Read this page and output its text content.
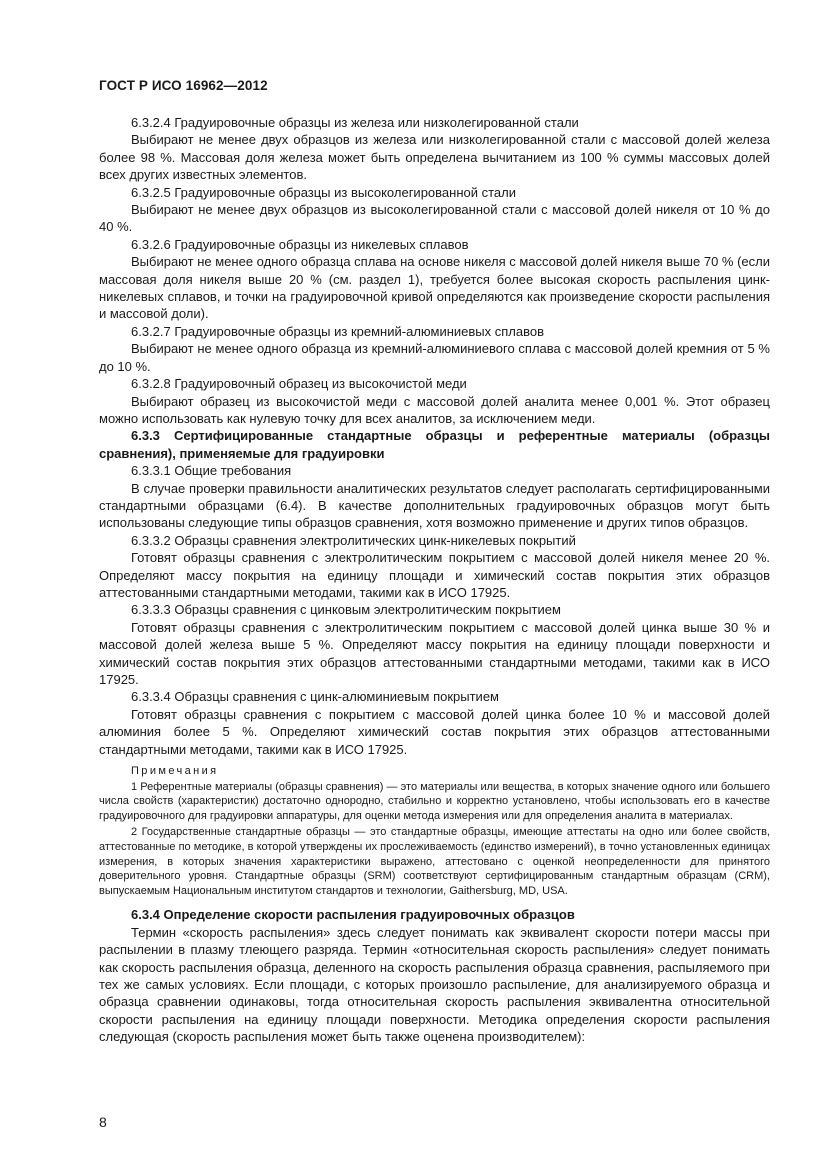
ГОСТ Р ИСО 16962—2012

6.3.2.4 Градуировочные образцы из железа или низколегированной стали

Выбирают не менее двух образцов из железа или низколегированной стали с массовой долей железа более 98 %. Массовая доля железа может быть определена вычитанием из 100 % суммы массовых долей всех других известных элементов.

6.3.2.5 Градуировочные образцы из высоколегированной стали

Выбирают не менее двух образцов из высоколегированной стали с массовой долей никеля от 10 % до 40 %.

6.3.2.6 Градуировочные образцы из никелевых сплавов

Выбирают не менее одного образца сплава на основе никеля с массовой долей никеля выше 70 % (если массовая доля никеля выше 20 % (см. раздел 1), требуется более высокая скорость распыления цинк-никелевых сплавов, и точки на градуировочной кривой определяются как произведение скорости распыления и массовой доли).

6.3.2.7 Градуировочные образцы из кремний-алюминиевых сплавов

Выбирают не менее одного образца из кремний-алюминиевого сплава с массовой долей кремния от 5 % до 10 %.

6.3.2.8 Градуировочный образец из высокочистой меди

Выбирают образец из высокочистой меди с массовой долей аналита менее 0,001 %. Этот образец можно использовать как нулевую точку для всех аналитов, за исключением меди.

6.3.3 Сертифицированные стандартные образцы и референтные материалы (образцы сравнения), применяемые для градуировки

6.3.3.1 Общие требования

В случае проверки правильности аналитических результатов следует располагать сертифицированными стандартными образцами (6.4). В качестве дополнительных градуировочных образцов могут быть использованы следующие типы образцов сравнения, хотя возможно применение и других типов образцов.

6.3.3.2 Образцы сравнения электролитических цинк-никелевых покрытий

Готовят образцы сравнения с электролитическим покрытием с массовой долей никеля менее 20 %. Определяют массу покрытия на единицу площади и химический состав покрытия этих образцов аттестованными стандартными методами, такими как в ИСО 17925.

6.3.3.3 Образцы сравнения с цинковым электролитическим покрытием

Готовят образцы сравнения с электролитическим покрытием с массовой долей цинка выше 30 % и массовой долей железа выше 5 %. Определяют массу покрытия на единицу площади поверхности и химический состав покрытия этих образцов аттестованными стандартными методами, такими как в ИСО 17925.

6.3.3.4 Образцы сравнения с цинк-алюминиевым покрытием

Готовят образцы сравнения с покрытием с массовой долей цинка более 10 % и массовой долей алюминия более 5 %. Определяют химический состав покрытия этих образцов аттестованными стандартными методами, такими как в ИСО 17925.

Примечания

1 Референтные материалы (образцы сравнения) — это материалы или вещества, в которых значение одного или большего числа свойств (характеристик) достаточно однородно, стабильно и корректно установлено, чтобы использовать его в качестве градуировочного для градуировки аппаратуры, для оценки метода измерения или для определения аналита в материалах.

2 Государственные стандартные образцы — это стандартные образцы, имеющие аттестаты на одно или более свойств, аттестованные по методике, в которой утверждены их прослеживаемость (единство измерений), в точно установленных единицах измерения, в которых значения характеристики выражено, аттестовано с оценкой неопределенности для принятого доверительного уровня. Стандартные образцы (SRM) соответствуют сертифицированным стандартным образцам (CRM), выпускаемым Национальным институтом стандартов и технологии, Gaithersburg, MD, USA.

6.3.4 Определение скорости распыления градуировочных образцов

Термин «скорость распыления» здесь следует понимать как эквивалент скорости потери массы при распылении в плазму тлеющего разряда. Термин «относительная скорость распыления» следует понимать как скорость распыления образца, деленного на скорость распыления образца сравнения, распыляемого при тех же самых условиях. Если площади, с которых произошло распыление, для анализируемого образца и образца сравнении одинаковы, тогда относительная скорость распыления эквивалентна относительной скорости распыления на единицу площади поверхности. Методика определения скорости распыления следующая (скорость распыления может быть также оценена производителем):

8
